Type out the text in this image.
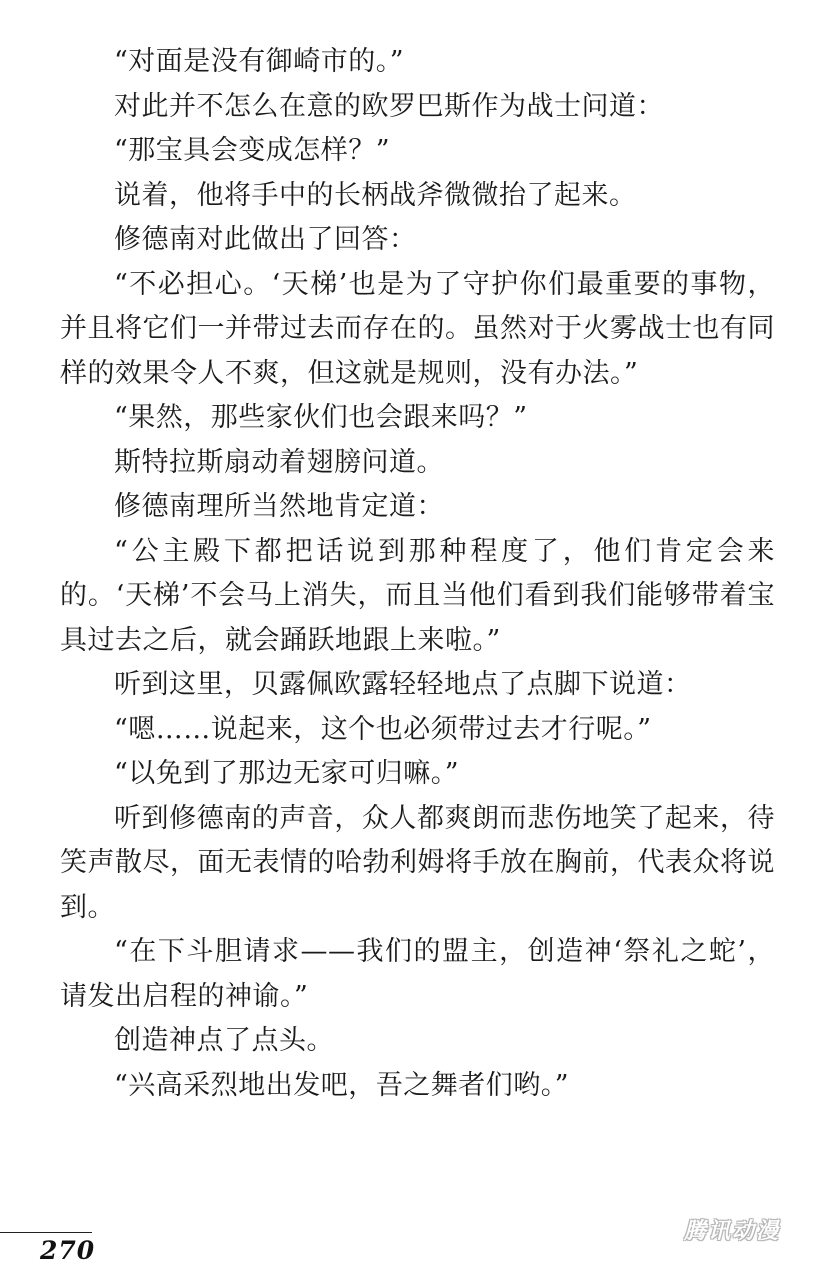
“对面是没有御崎市的。”

对此并不怎么在意的欧罗巴斯作为战士问道：

“那宝具会变成怎样？”

说着，他将手中的长柄战斧微微抬了起来。

修德南对此做出了回答：

“不必担心。‘天梯’也是为了守护你们最重要的事物，并且将它们一并带过去而存在的。虽然对于火雾战士也有同样的效果令人不爽，但这就是规则，没有办法。”

“果然，那些家伙们也会跟来吗？”

斯特拉斯扇动着翅膀问道。

修德南理所当然地肯定道：

“公主殿下都把话说到那种程度了，他们肯定会来的。‘天梯’不会马上消失，而且当他们看到我们能够带着宝具过去之后，就会踊跃地跟上来啦。”

听到这里，贝露佩欧露轻轻地点了点脚下说道：

“嗯……说起来，这个也必须带过去才行呢。”

“以免到了那边无家可归嘛。”

听到修德南的声音，众人都爽朗而悲伤地笑了起来，待笑声散尽，面无表情的哈勃利姆将手放在胸前，代表众将说到。

“在下斗胆请求——我们的盟主，创造神‘祭礼之蛇’，请发出启程的神谕。”

创造神点了点头。

“兴高采烈地出发吧，吾之舞者们哟。”

270
腾讯动漫
